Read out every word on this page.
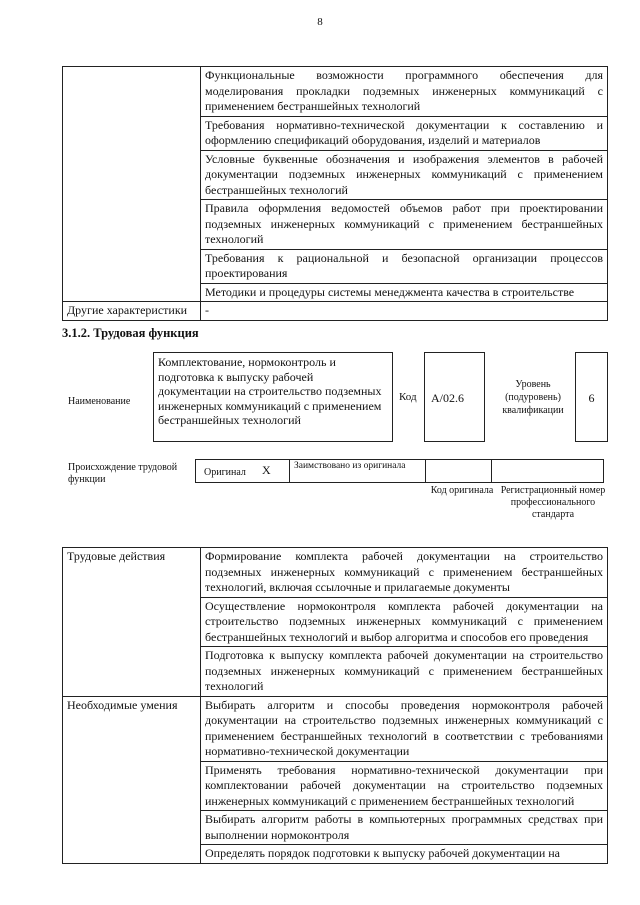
8
	Функциональные возможности программного обеспечения для моделирования прокладки подземных инженерных коммуникаций с применением бестраншейных технологий
	Требования нормативно-технической документации к составлению и оформлению спецификаций оборудования, изделий и материалов
	Условные буквенные обозначения и изображения элементов в рабочей документации подземных инженерных коммуникаций с применением бестраншейных технологий
	Правила оформления ведомостей объемов работ при проектировании подземных инженерных коммуникаций с применением бестраншейных технологий
	Требования к рациональной и безопасной организации процессов проектирования
	Методики и процедуры системы менеджмента качества в строительстве
Другие характеристики	-
3.1.2. Трудовая функция
Наименование
Комплектование, нормоконтроль и подготовка к выпуску рабочей документации на строительство подземных инженерных коммуникаций с применением бестраншейных технологий
Код	А/02.6
Уровень (подуровень) квалификации
6
Происхождение трудовой функции
Оригинал	X	Заимствовано из оригинала
Код оригинала Регистрационный номер профессионального стандарта
Трудовые действия	Формирование комплекта рабочей документации на строительство подземных инженерных коммуникаций с применением бестраншейных технологий, включая ссылочные и прилагаемые документы
	Осуществление нормоконтроля комплекта рабочей документации на строительство подземных инженерных коммуникаций с применением бестраншейных технологий и выбор алгоритма и способов его проведения
	Подготовка к выпуску комплекта рабочей документации на строительство подземных инженерных коммуникаций с применением бестраншейных технологий
Необходимые умения	Выбирать алгоритм и способы проведения нормоконтроля рабочей документации на строительство подземных инженерных коммуникаций с применением бестраншейных технологий в соответствии с требованиями нормативно-технической документации
	Применять требования нормативно-технической документации при комплектовании рабочей документации на строительство подземных инженерных коммуникаций с применением бестраншейных технологий
	Выбирать алгоритм работы в компьютерных программных средствах при выполнении нормоконтроля
	Определять порядок подготовки к выпуску рабочей документации на
